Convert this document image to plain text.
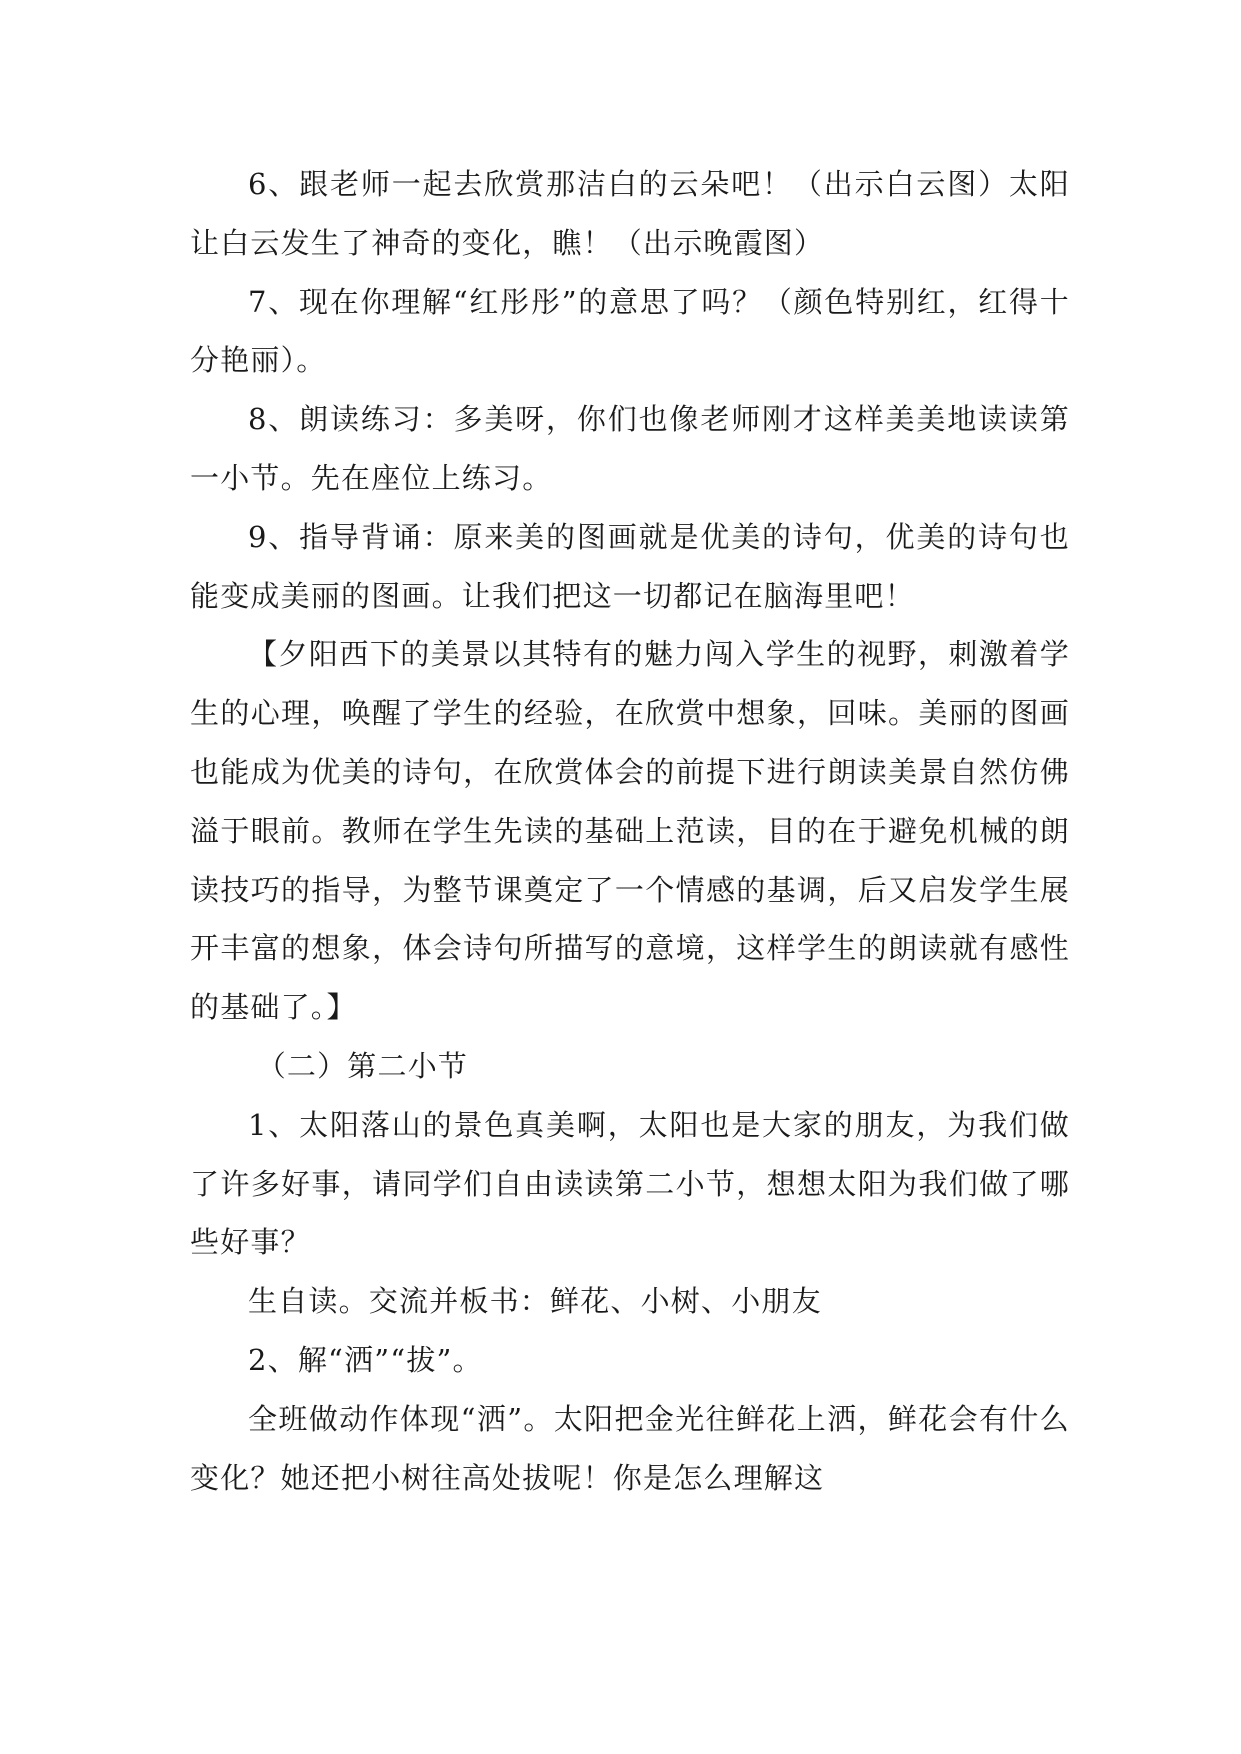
6、跟老师一起去欣赏那洁白的云朵吧！（出示白云图）太阳让白云发生了神奇的变化，瞧！（出示晚霞图）

7、现在你理解“红彤彤”的意思了吗？（颜色特别红，红得十分艳丽）。

8、朗读练习：多美呀，你们也像老师刚才这样美美地读读第一小节。先在座位上练习。

9、指导背诵：原来美的图画就是优美的诗句，优美的诗句也能变成美丽的图画。让我们把这一切都记在脑海里吧！

【夕阳西下的美景以其特有的魅力闯入学生的视野，刺激着学生的心理，唤醒了学生的经验，在欣赏中想象，回味。美丽的图画也能成为优美的诗句，在欣赏体会的前提下进行朗读美景自然仿佛溢于眼前。教师在学生先读的基础上范读，目的在于避免机械的朗读技巧的指导，为整节课奠定了一个情感的基调，后又启发学生展开丰富的想象，体会诗句所描写的意境，这样学生的朗读就有感性的基础了。】

（二）第二小节

1、太阳落山的景色真美啊，太阳也是大家的朋友，为我们做了许多好事，请同学们自由读读第二小节，想想太阳为我们做了哪些好事？

生自读。交流并板书：鲜花、小树、小朋友

2、解“洒”“拔”。

全班做动作体现“洒”。太阳把金光往鲜花上洒，鲜花会有什么变化？她还把小树往高处拔呢！你是怎么理解这
